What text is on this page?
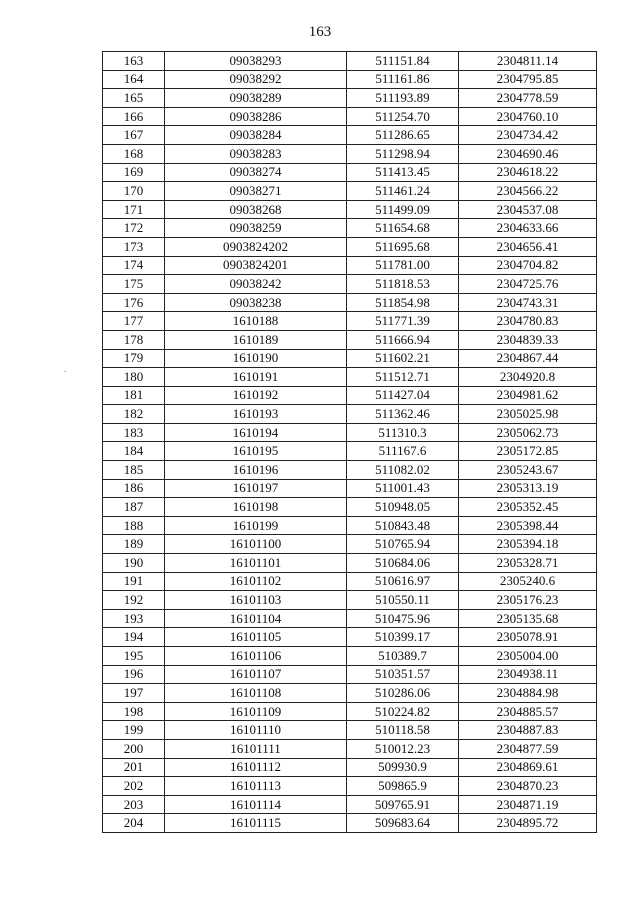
163
163	09038293	511151.84	2304811.14
164	09038292	511161.86	2304795.85
165	09038289	511193.89	2304778.59
166	09038286	511254.70	2304760.10
167	09038284	511286.65	2304734.42
168	09038283	511298.94	2304690.46
169	09038274	511413.45	2304618.22
170	09038271	511461.24	2304566.22
171	09038268	511499.09	2304537.08
172	09038259	511654.68	2304633.66
173	0903824202	511695.68	2304656.41
174	0903824201	511781.00	2304704.82
175	09038242	511818.53	2304725.76
176	09038238	511854.98	2304743.31
177	1610188	511771.39	2304780.83
178	1610189	511666.94	2304839.33
179	1610190	511602.21	2304867.44
180	1610191	511512.71	2304920.8
181	1610192	511427.04	2304981.62
182	1610193	511362.46	2305025.98
183	1610194	511310.3	2305062.73
184	1610195	511167.6	2305172.85
185	1610196	511082.02	2305243.67
186	1610197	511001.43	2305313.19
187	1610198	510948.05	2305352.45
188	1610199	510843.48	2305398.44
189	16101100	510765.94	2305394.18
190	16101101	510684.06	2305328.71
191	16101102	510616.97	2305240.6
192	16101103	510550.11	2305176.23
193	16101104	510475.96	2305135.68
194	16101105	510399.17	2305078.91
195	16101106	510389.7	2305004.00
196	16101107	510351.57	2304938.11
197	16101108	510286.06	2304884.98
198	16101109	510224.82	2304885.57
199	16101110	510118.58	2304887.83
200	16101111	510012.23	2304877.59
201	16101112	509930.9	2304869.61
202	16101113	509865.9	2304870.23
203	16101114	509765.91	2304871.19
204	16101115	509683.64	2304895.72
